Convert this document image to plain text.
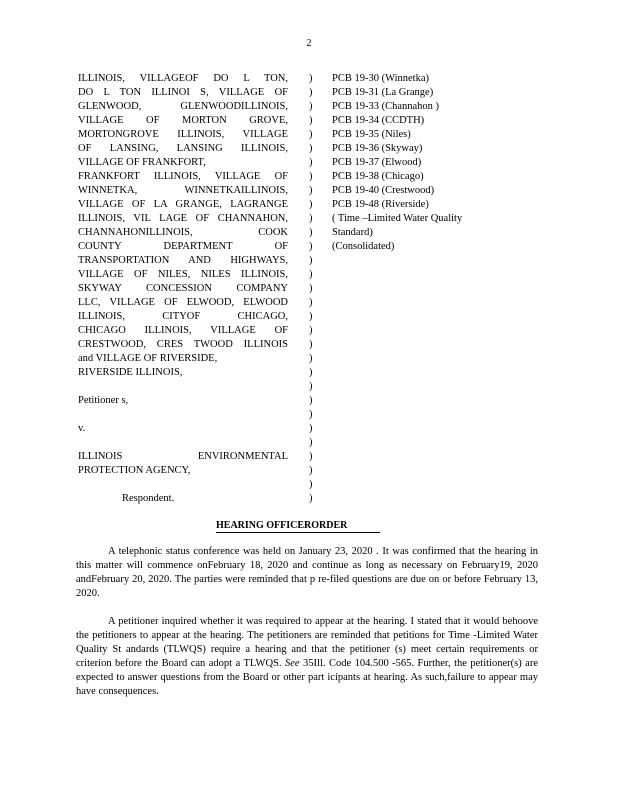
2
ILLINOIS, VILLAGEOF DO L TON,
DO L TON ILLINOI S, VILLAGE OF
GLENWOOD, GLENWOODILLINOIS,
VILLAGE OF MORTON GROVE,
MORTONGROVE ILLINOIS, VILLAGE
OF LANSING, LANSING ILLINOIS,
VILLAGE OF FRANKFORT,
FRANKFORT ILLINOIS, VILLAGE OF
WINNETKA, WINNETKAILLINOIS,
VILLAGE OF LA GRANGE, LAGRANGE
ILLINOIS, VIL LAGE OF CHANNAHON,
CHANNAHONILLINOIS, COOK
COUNTY DEPARTMENT OF
TRANSPORTATION AND HIGHWAYS,
VILLAGE OF NILES, NILES ILLINOIS,
SKYWAY CONCESSION COMPANY
LLC, VILLAGE OF ELWOOD, ELWOOD
ILLINOIS, CITYOF CHICAGO,
CHICAGO ILLINOIS, VILLAGE OF
CRESTWOOD, CRES TWOOD ILLINOIS
and VILLAGE OF RIVERSIDE,
RIVERSIDE ILLINOIS,
Petitioner s,
v.
ILLINOIS ENVIRONMENTAL
PROTECTION AGENCY,
Respondent.
)
)
)
)
)
)
)
)
)
)
)
)
)
)
)
)
)
)
)
)
)
)
)
)
)
)
)
)
)
)
)
PCB 19-30 (Winnetka)
PCB 19-31 (La Grange)
PCB 19-33 (Channahon )
PCB 19-34 (CCDTH)
PCB 19-35 (Niles)
PCB 19-36 (Skyway)
PCB 19-37 (Elwood)
PCB 19-38 (Chicago)
PCB 19-40 (Crestwood)
PCB 19-48 (Riverside)
( Time –Limited Water Quality
Standard)
(Consolidated)
HEARING OFFICERORDER
A telephonic status conference was held on January 23, 2020 . It was confirmed that the hearing in this matter will commence onFebruary 18, 2020 and continue as long as necessary on February19, 2020 andFebruary 20, 2020. The parties were reminded that p re-filed questions are due on or before February 13, 2020.
A petitioner inquired whether it was required to appear at the hearing. I stated that it would behoove the petitioners to appear at the hearing. The petitioners are reminded that petitions for Time -Limited Water Quality St andards (TLWQS) require a hearing and that the petitioner (s) meet certain requirements or criterion before the Board can adopt a TLWQS. See 35Ill. Code 104.500 -565. Further, the petitioner(s) are expected to answer questions from the Board or other part icipants at hearing. As such,failure to appear may have consequences.
